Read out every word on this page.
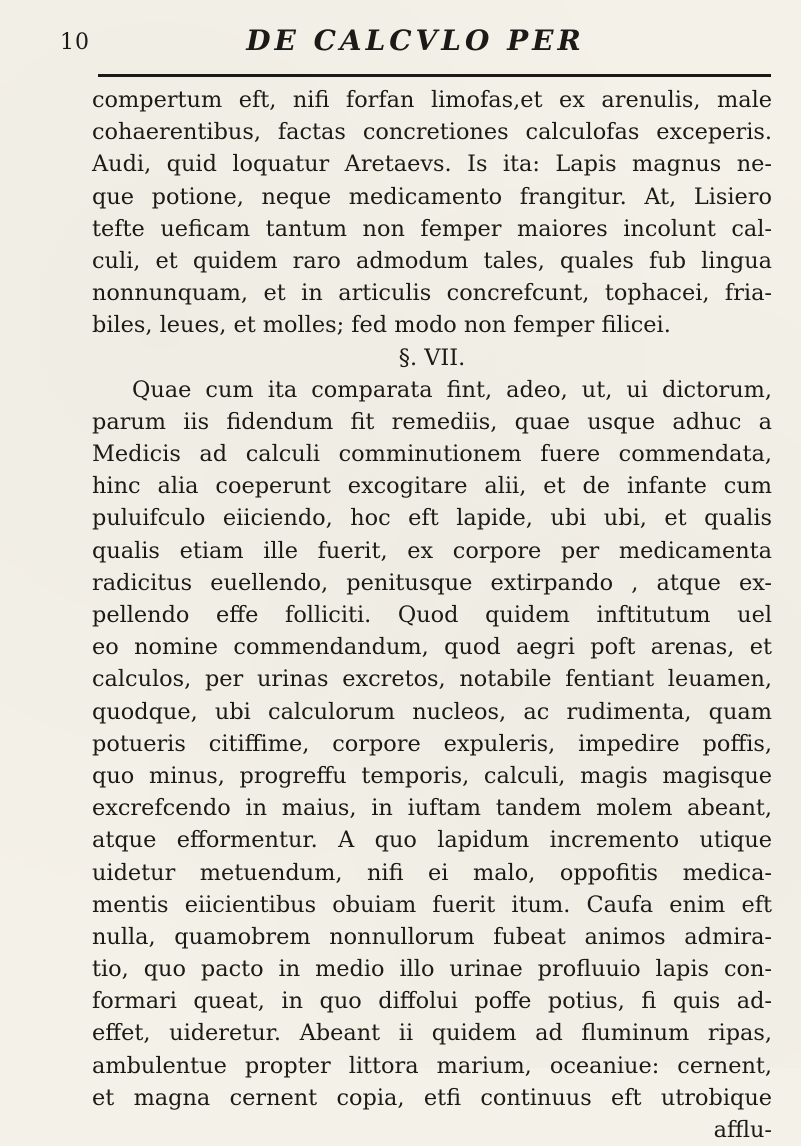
10	DE CALCVLO PER
compertum eft, nifi forfan limofas,et ex arenulis, male
cohaerentibus, factas concretiones calculofas exceperis.
Audi, quid loquatur Aretaevs. Is ita: Lapis magnus ne-
que potione, neque medicamento frangitur. At, Lisiero
tefte ueficam tantum non femper maiores incolunt cal-
culi, et quidem raro admodum tales, quales fub lingua
nonnunquam, et in articulis concrefcunt, tophacei, fria-
biles, leues, et molles; fed modo non femper filicei.
§. VII.
Quae cum ita comparata fint, adeo, ut, ui dictorum,
parum iis fidendum fit remediis, quae usque adhuc a
Medicis ad calculi comminutionem fuere commendata,
hinc alia coeperunt excogitare alii, et de infante cum
puluifculo eiiciendo, hoc eft lapide, ubi ubi, et qualis
qualis etiam ille fuerit, ex corpore per medicamenta
radicitus euellendo, penitusque extirpando , atque ex-
pellendo effe folliciti. Quod quidem inftitutum uel
eo nomine commendandum, quod aegri poft arenas, et
calculos, per urinas excretos, notabile fentiant leuamen,
quodque, ubi calculorum nucleos, ac rudimenta, quam
potueris citiffime, corpore expuleris, impedire poffis,
quo minus, progreffu temporis, calculi, magis magisque
excrefcendo in maius, in iuftam tandem molem abeant,
atque efformentur. A quo lapidum incremento utique
uidetur metuendum, nifi ei malo, oppofitis medica-
mentis eiicientibus obuiam fuerit itum. Caufa enim eft
nulla, quamobrem nonnullorum fubeat animos admira-
tio, quo pacto in medio illo urinae profluuio lapis con-
formari queat, in quo diffolui poffe potius, fi quis ad-
effet, uideretur. Abeant ii quidem ad fluminum ripas,
ambulentue propter littora marium, oceaniue: cernent,
et magna cernent copia, etfi continuus eft utrobique
afflu-
